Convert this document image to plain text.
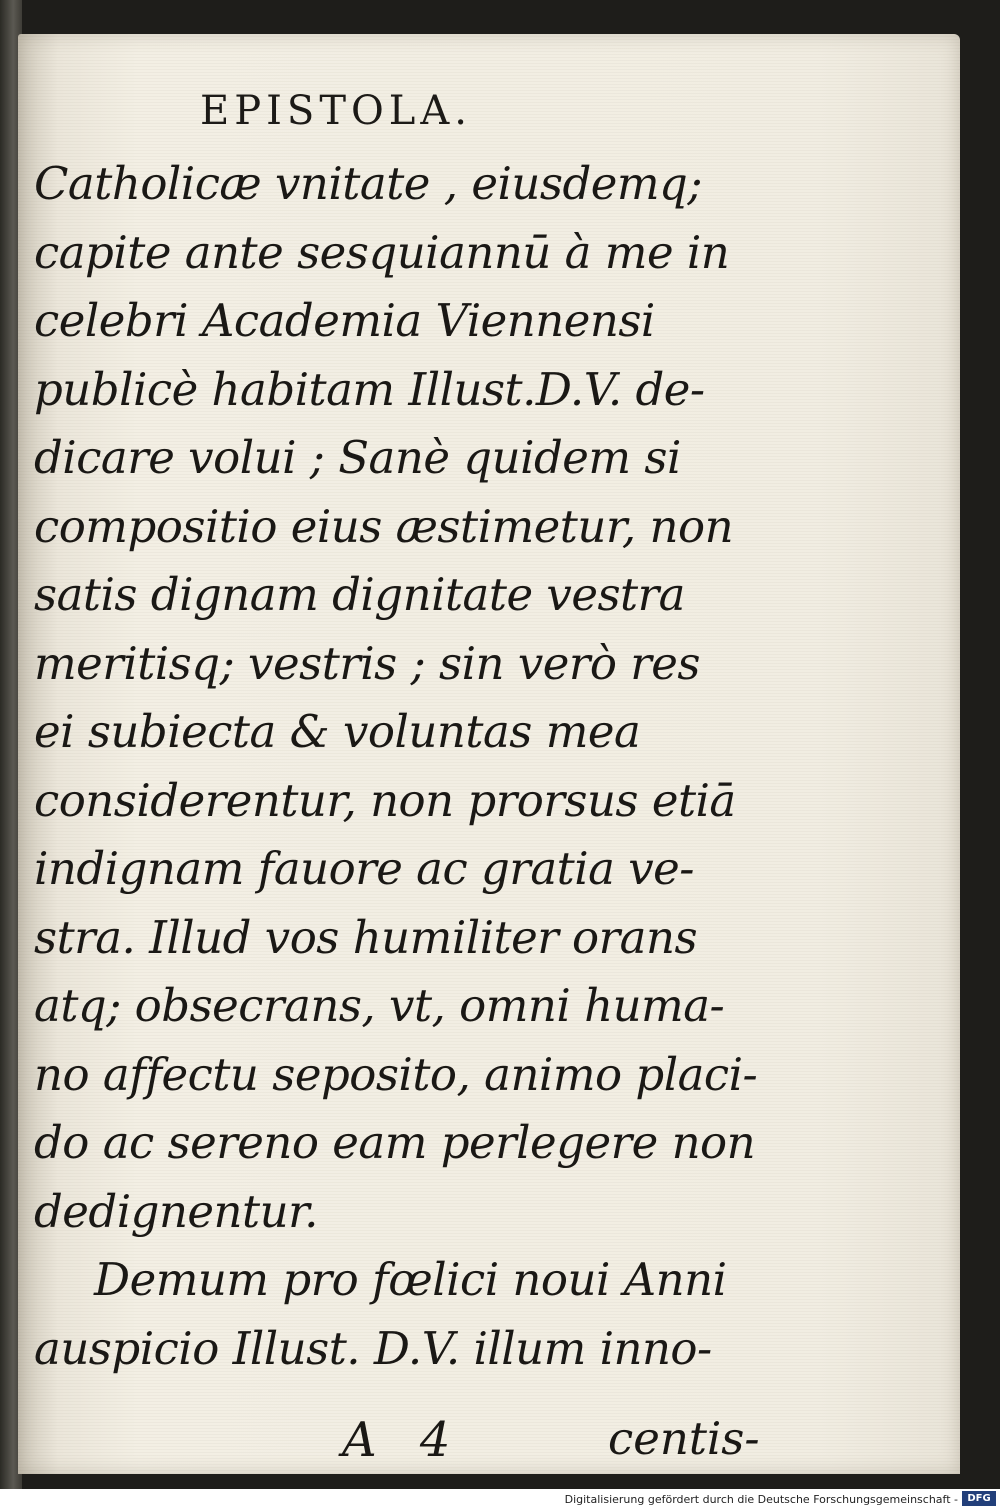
EPISTOLA.
Catholicæ vnitate , eiusdemq;
capite ante sesquiannū à me in
celebri Academia Viennensi
publicè habitam Illust.D.V. de-
dicare volui ; Sanè quidem si
compositio eius æstimetur, non
satis dignam dignitate vestra
meritisq; vestris ; sin verò res
ei subiecta & voluntas mea
considerentur, non prorsus etiā
indignam fauore ac gratia ve-
stra. Illud vos humiliter orans
atq; obsecrans, vt, omni huma-
no affectu seposito, animo placi-
do ac sereno eam perlegere non
dedignentur.
Demum pro fœlici noui Anni
auspicio Illust. D.V. illum inno-
A 4	centis-
Digitalisierung gefördert durch die Deutsche Forschungsgemeinschaft - DFG
